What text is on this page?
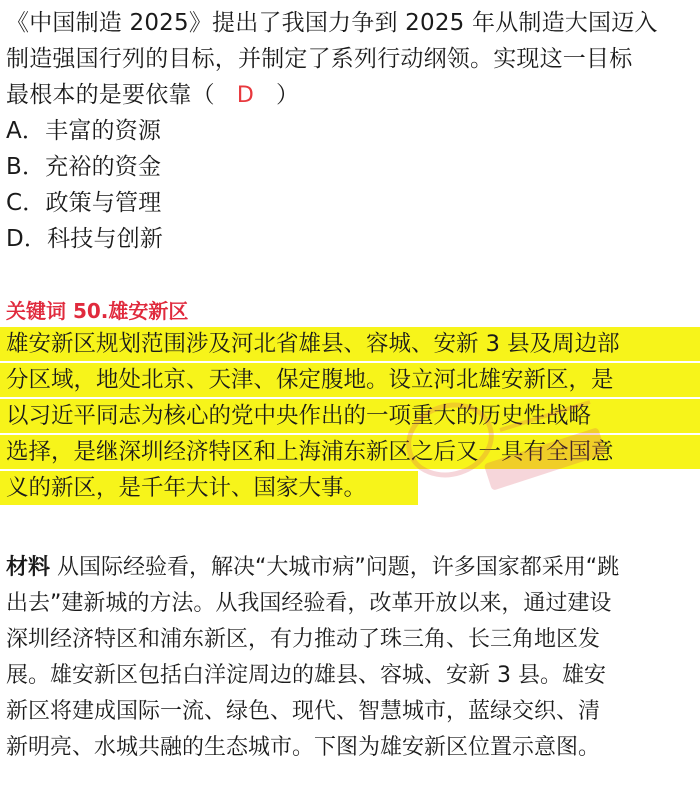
《中国制造 2025》提出了我国力争到 2025 年从制造大国迈入
制造强国行列的目标，并制定了系列行动纲领。实现这一目标
最根本的是要依靠（ D ）
A．丰富的资源
B．充裕的资金
C．政策与管理
D．科技与创新
关键词 50.雄安新区
雄安新区规划范围涉及河北省雄县、容城、安新 3 县及周边部
分区域，地处北京、天津、保定腹地。设立河北雄安新区，是
以习近平同志为核心的党中央作出的一项重大的历史性战略
选择，是继深圳经济特区和上海浦东新区之后又一具有全国意
义的新区，是千年大计、国家大事。
材料 从国际经验看，解决“大城市病”问题，许多国家都采用“跳
出去”建新城的方法。从我国经验看，改革开放以来，通过建设
深圳经济特区和浦东新区，有力推动了珠三角、长三角地区发
展。雄安新区包括白洋淀周边的雄县、容城、安新 3 县。雄安
新区将建成国际一流、绿色、现代、智慧城市，蓝绿交织、清
新明亮、水城共融的生态城市。下图为雄安新区位置示意图。
